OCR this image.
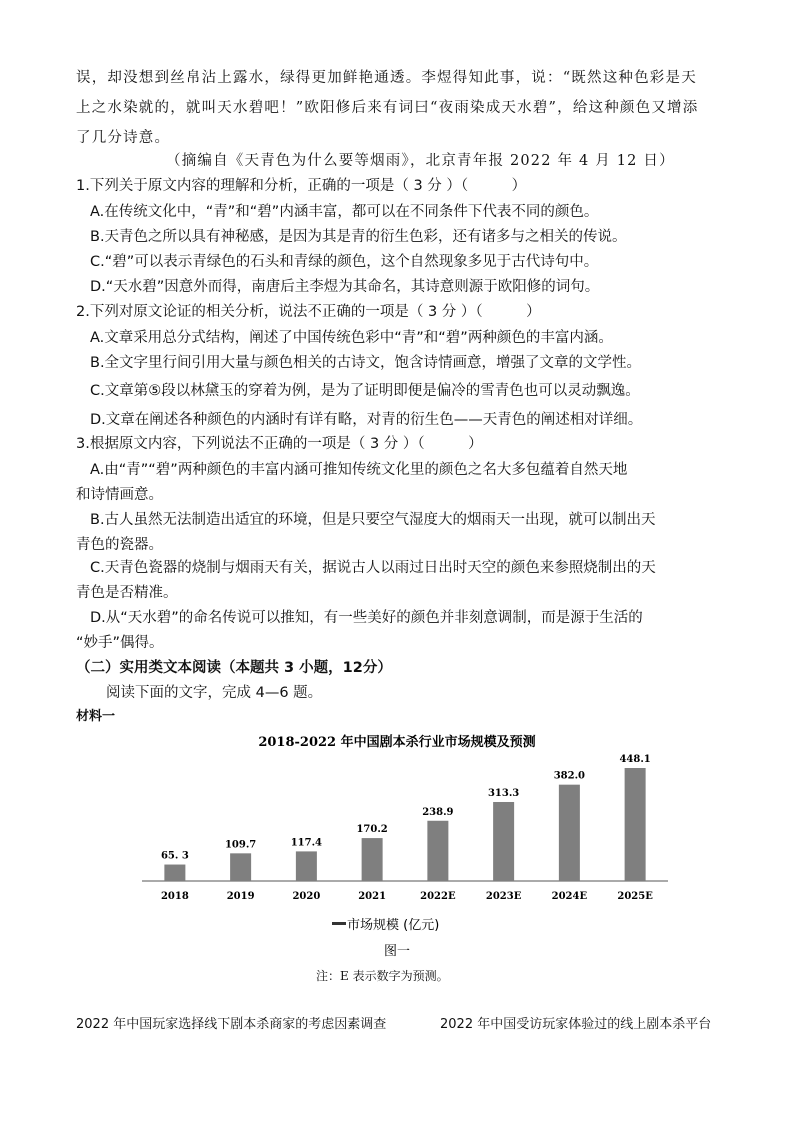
误，却没想到丝帛沾上露水，绿得更加鲜艳通透。李煜得知此事，说：“既然这种色彩是天
上之水染就的，就叫天水碧吧！”欧阳修后来有词曰“夜雨染成天水碧”，给这种颜色又增添
了几分诗意。
（摘编自《天青色为什么要等烟雨》，北京青年报 2022 年 4 月 12 日）
1.下列关于原文内容的理解和分析，正确的一项是（ 3 分 ）（　　　）
A.在传统文化中，“青”和“碧”内涵丰富，都可以在不同条件下代表不同的颜色。
B.天青色之所以具有神秘感，是因为其是青的衍生色彩，还有诸多与之相关的传说。
C.“碧”可以表示青绿色的石头和青绿的颜色，这个自然现象多见于古代诗句中。
D.“天水碧”因意外而得，南唐后主李煜为其命名，其诗意则源于欧阳修的词句。
2.下列对原文论证的相关分析，说法不正确的一项是（ 3 分 ）（　　　）
A.文章采用总分式结构，阐述了中国传统色彩中“青”和“碧”两种颜色的丰富内涵。
B.全文字里行间引用大量与颜色相关的古诗文，饱含诗情画意，增强了文章的文学性。
C.文章第⑤段以林黛玉的穿着为例，是为了证明即便是偏冷的雪青色也可以灵动飘逸。
D.文章在阐述各种颜色的内涵时有详有略，对青的衍生色——天青色的阐述相对详细。
3.根据原文内容，下列说法不正确的一项是（ 3 分 ）（　　　）
A.由“青”“碧”两种颜色的丰富内涵可推知传统文化里的颜色之名大多包蕴着自然天地
和诗情画意。
B.古人虽然无法制造出适宜的环境，但是只要空气湿度大的烟雨天一出现，就可以制出天
青色的瓷器。
C.天青色瓷器的烧制与烟雨天有关，据说古人以雨过日出时天空的颜色来参照烧制出的天
青色是否精准。
D.从“天水碧”的命名传说可以推知，有一些美好的颜色并非刻意调制，而是源于生活的
“妙手”偶得。
（二）实用类文本阅读（本题共 3 小题，12分）
阅读下面的文字，完成 4—6 题。
材料一
2018-2022 年中国剧本杀行业市场规模及预测
65. 3
109.7	117.4
170.2
238.9
313.3
382.0
448.1
2018	2019	2020	2021	2022E	2023E	2024E	2025E
市场规模 (亿元)
图一
注：E 表示数字为预测。
2022 年中国玩家选择线下剧本杀商家的考虑因素调查	2022 年中国受访玩家体验过的线上剧本杀平台
